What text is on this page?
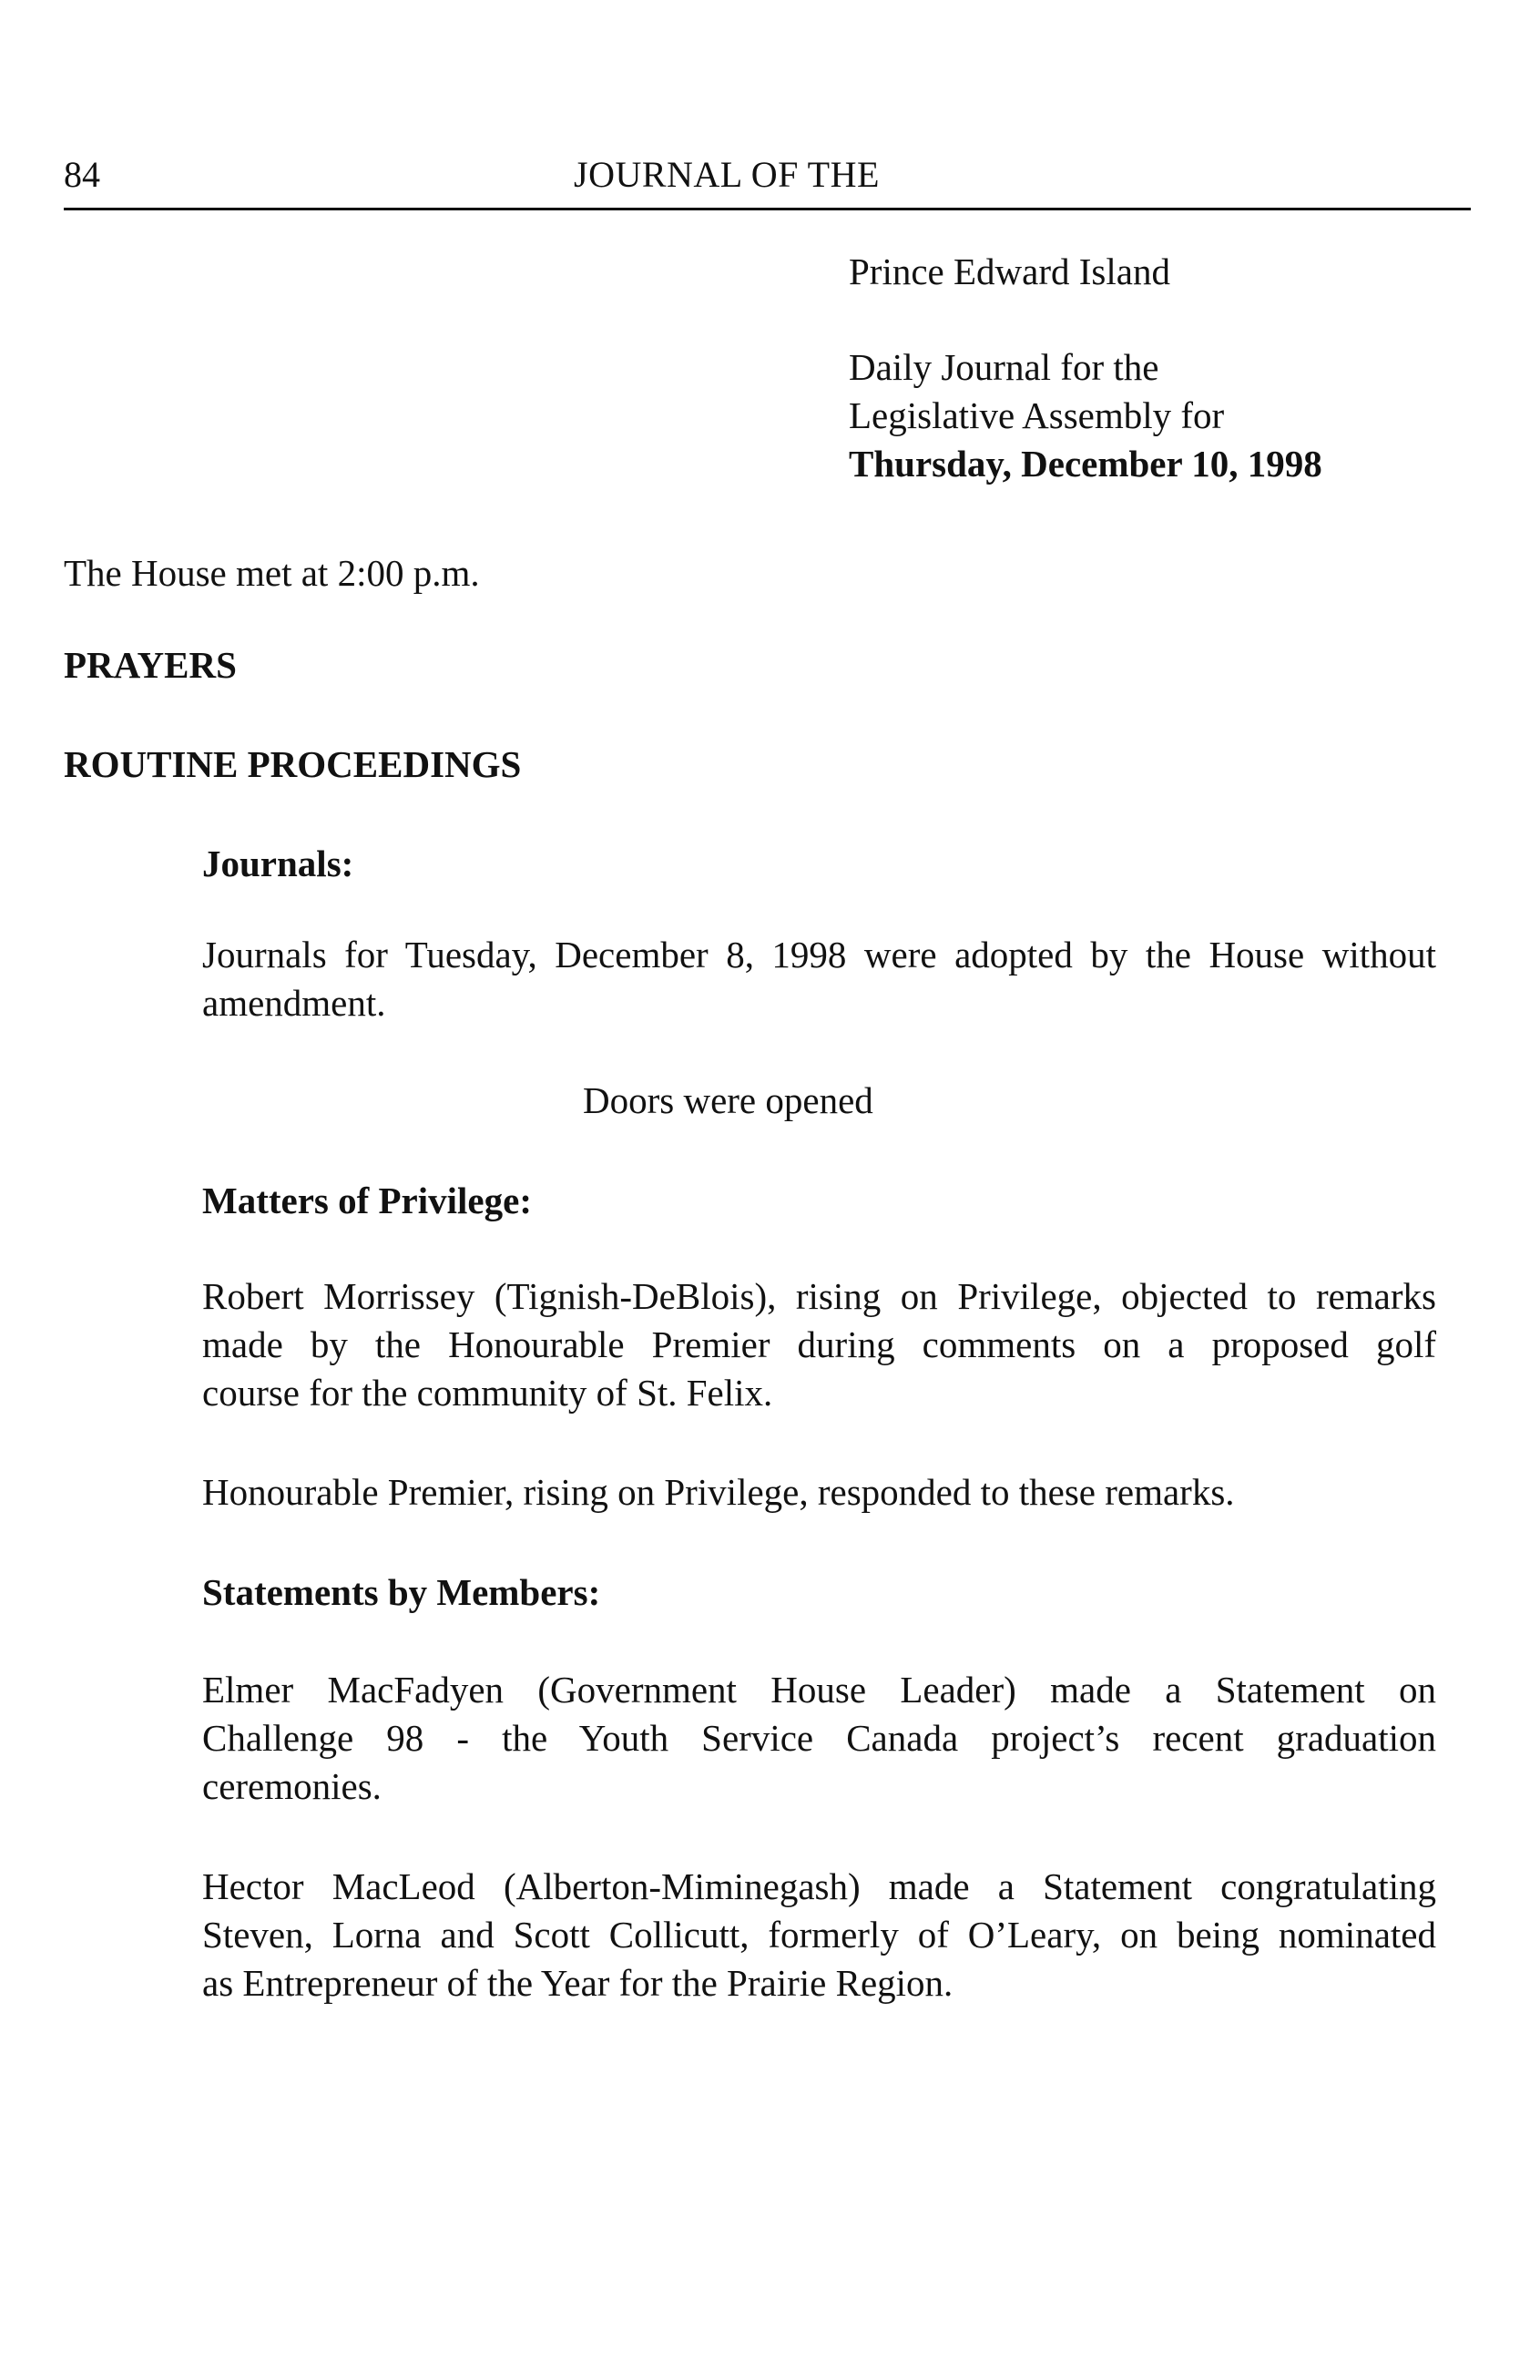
84	JOURNAL OF THE
Prince Edward Island
Daily Journal for the
Legislative Assembly for
Thursday, December 10, 1998
The House met at 2:00 p.m.
PRAYERS
ROUTINE PROCEEDINGS
Journals:
Journals for Tuesday, December 8, 1998 were adopted by the House without
amendment.
Doors were opened
Matters of Privilege:
Robert Morrissey (Tignish-DeBlois), rising on Privilege, objected to remarks
made by the Honourable Premier during comments on a proposed golf
course for the community of St. Felix.
Honourable Premier, rising on Privilege, responded to these remarks.
Statements by Members:
Elmer MacFadyen (Government House Leader) made a Statement on
Challenge 98 - the Youth Service Canada project’s recent graduation
ceremonies.
Hector MacLeod (Alberton-Miminegash) made a Statement congratulating
Steven, Lorna and Scott Collicutt, formerly of O’Leary, on being nominated
as Entrepreneur of the Year for the Prairie Region.
